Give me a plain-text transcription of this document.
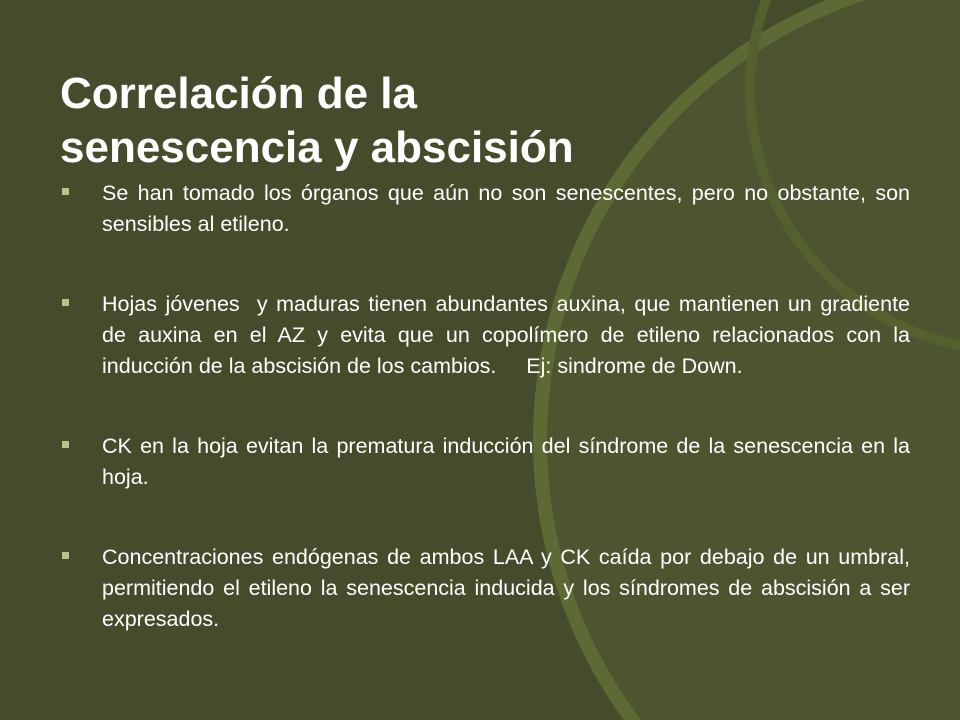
Correlación de la
senescencia y abscisión
Se han tomado los órganos que aún no son senescentes, pero no obstante, son sensibles al etileno.
Hojas jóvenes  y maduras tienen abundantes auxina, que mantienen un gradiente de auxina en el AZ y evita que un copolímero de etileno relacionados con la inducción de la abscisión de los cambios.     Ej: sindrome de Down.
CK en la hoja evitan la prematura inducción del síndrome de la senescencia en la hoja.
Concentraciones endógenas de ambos LAA y CK caída por debajo de un umbral, permitiendo el etileno la senescencia inducida y los síndromes de abscisión a ser expresados.
